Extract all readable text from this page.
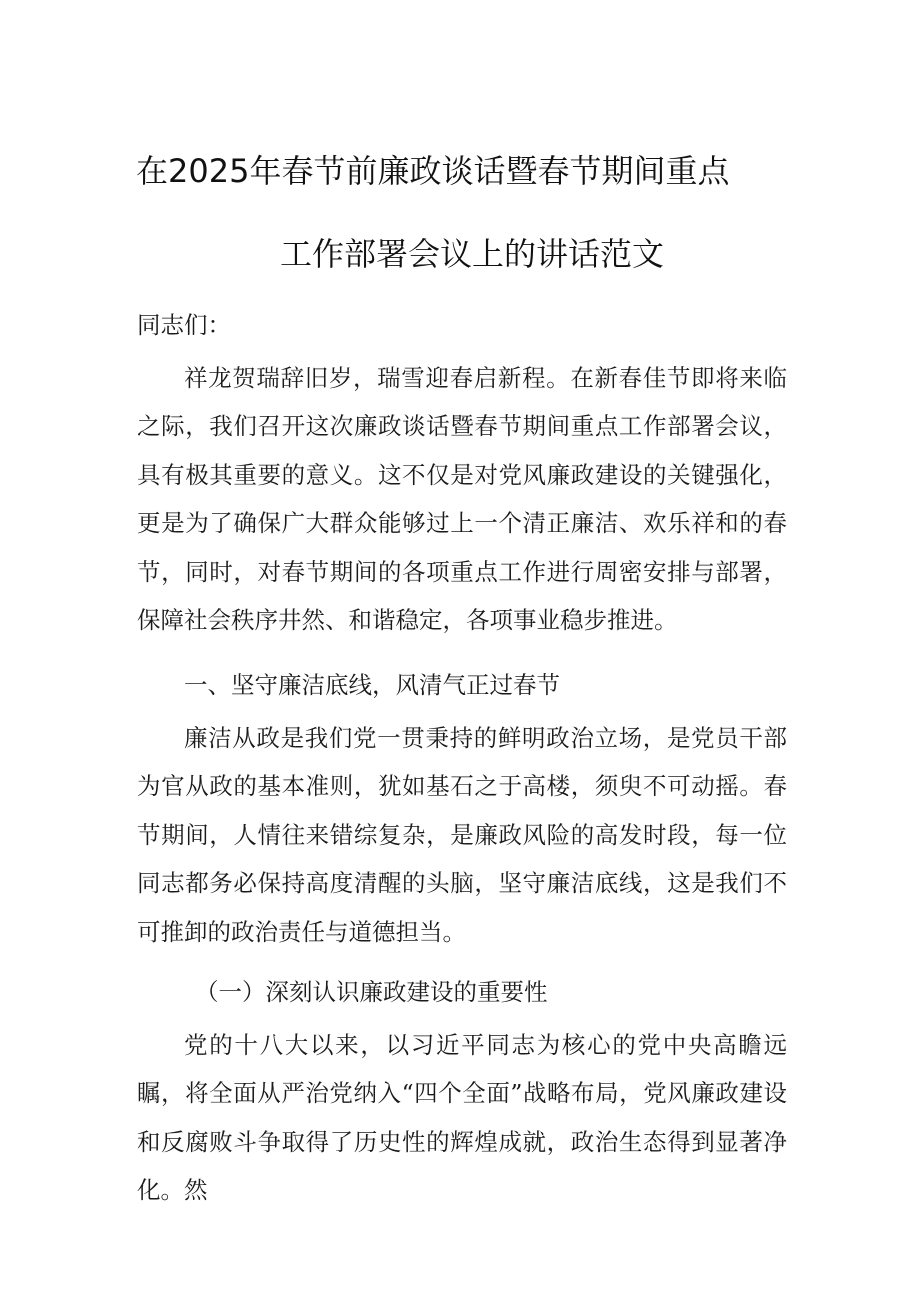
在2025年春节前廉政谈话暨春节期间重点
工作部署会议上的讲话范文
同志们：
祥龙贺瑞辞旧岁，瑞雪迎春启新程。在新春佳节即将来临之际，我们召开这次廉政谈话暨春节期间重点工作部署会议，具有极其重要的意义。这不仅是对党风廉政建设的关键强化，更是为了确保广大群众能够过上一个清正廉洁、欢乐祥和的春节，同时，对春节期间的各项重点工作进行周密安排与部署，保障社会秩序井然、和谐稳定，各项事业稳步推进。
一、坚守廉洁底线，风清气正过春节
廉洁从政是我们党一贯秉持的鲜明政治立场，是党员干部为官从政的基本准则，犹如基石之于高楼，须臾不可动摇。春节期间，人情往来错综复杂，是廉政风险的高发时段，每一位同志都务必保持高度清醒的头脑，坚守廉洁底线，这是我们不可推卸的政治责任与道德担当。
（一）深刻认识廉政建设的重要性
党的十八大以来，以习近平同志为核心的党中央高瞻远瞩，将全面从严治党纳入“四个全面”战略布局，党风廉政建设和反腐败斗争取得了历史性的辉煌成就，政治生态得到显著净化。然
